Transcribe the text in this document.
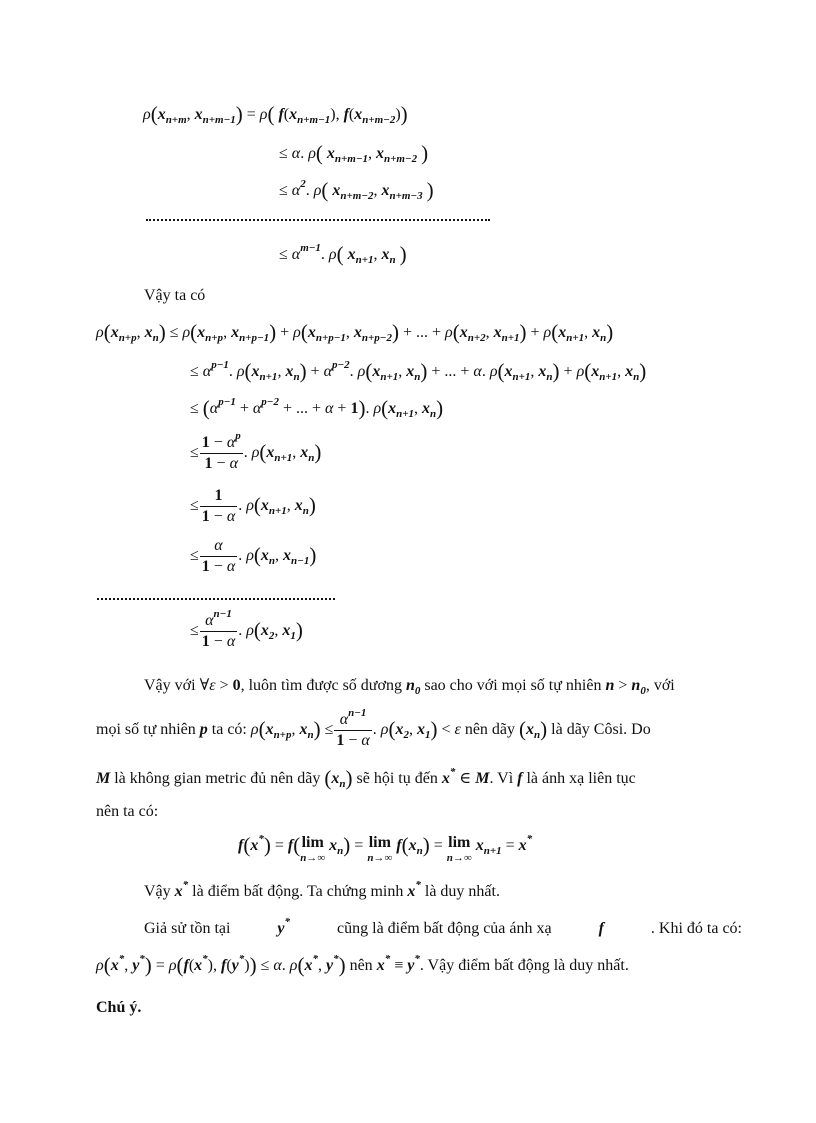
$\rho(x_{n+m}$, $x_{n+m-1}) = \rho$( $f(x_{n+m-1})$, $f(x_{n+m-2})$)
≤ α. ρ( $x_{n+m-1}$, $x_{n+m-2}$ )
≤ $\alpha^2$. ρ( $x_{n+m-2}$, $x_{n+m-3}$ )
≤ $\alpha^{m-1}$. ρ( $x_{n+1}$, $x_n$ )
Vậy ta có
$\rho(x_{n+p}$, $x_n) \le \rho(x_{n+p}$, $x_{n+p-1}) + \rho(x_{n+p-1}$, $x_{n+p-2}$) + ... + $\rho(x_{n+2}$, $x_{n+1}) + \rho(x_{n+1}$, $x_n$)
≤ $\alpha^{p-1}$. $\rho(x_{n+1}$, $x_n) + \alpha^{p-2}$. $\rho(x_{n+1}$, $x_n$) + ... + α. $\rho(x_{n+1}$, $x_n) + \rho(x_{n+1}$, $x_n$)
≤ ($\alpha^{p-1} + \alpha^{p-2}$ + ... + α + 1). $\rho(x_{n+1}$, $x_n$)
≤ $\frac{1 - \alpha^p}{1 - \alpha}$ . $\rho(x_{n+1}$, $x_n$)
≤ $\frac{1}{1 - \alpha}$ . $\rho(x_{n+1}$, $x_n$)
≤ $\frac{\alpha}{1 - \alpha}$ . $\rho(x_n$, $x_{n-1}$)
≤ $\frac{\alpha^{n-1}}{1 - \alpha}$ . $\rho(x_2$, $x_1$)
Vậy với ∀ε > 0, luôn tìm được số dương $n_0$ sao cho với mọi số tự nhiên $n > n_0$, với
mọi số tự nhiên p ta có: $\rho(x_{n+p}$, $x_n) \le \frac{\alpha^{n-1}}{1 - \alpha}$ . $\rho(x_2$, $x_1) < \varepsilon$ nên dãy $(x_n)$ là dãy Côsi. Do
M là không gian metric đủ nên dãy $(x_n)$ sẽ hội tụ đến x* ∈ M. Vì f là ánh xạ liên tục
nên ta có:
f(x*) = f(lim
n→∞
$x_n) = \lim$
n→∞
$f(x_n) = \lim$
n→∞
$x_{n+1} = x^*$
Vậy x* là điểm bất động. Ta chứng minh x* là duy nhất.
Giả sử tồn tại	y*	cũng là điểm bất động của ánh xạ	f	. Khi đó ta có:
ρ(x*, y*) = ρ(f(x*), f(y*)) ≤ α. ρ(x*, y*) nên x* ≡ y*. Vậy điểm bất động là duy nhất.
Chú ý.
